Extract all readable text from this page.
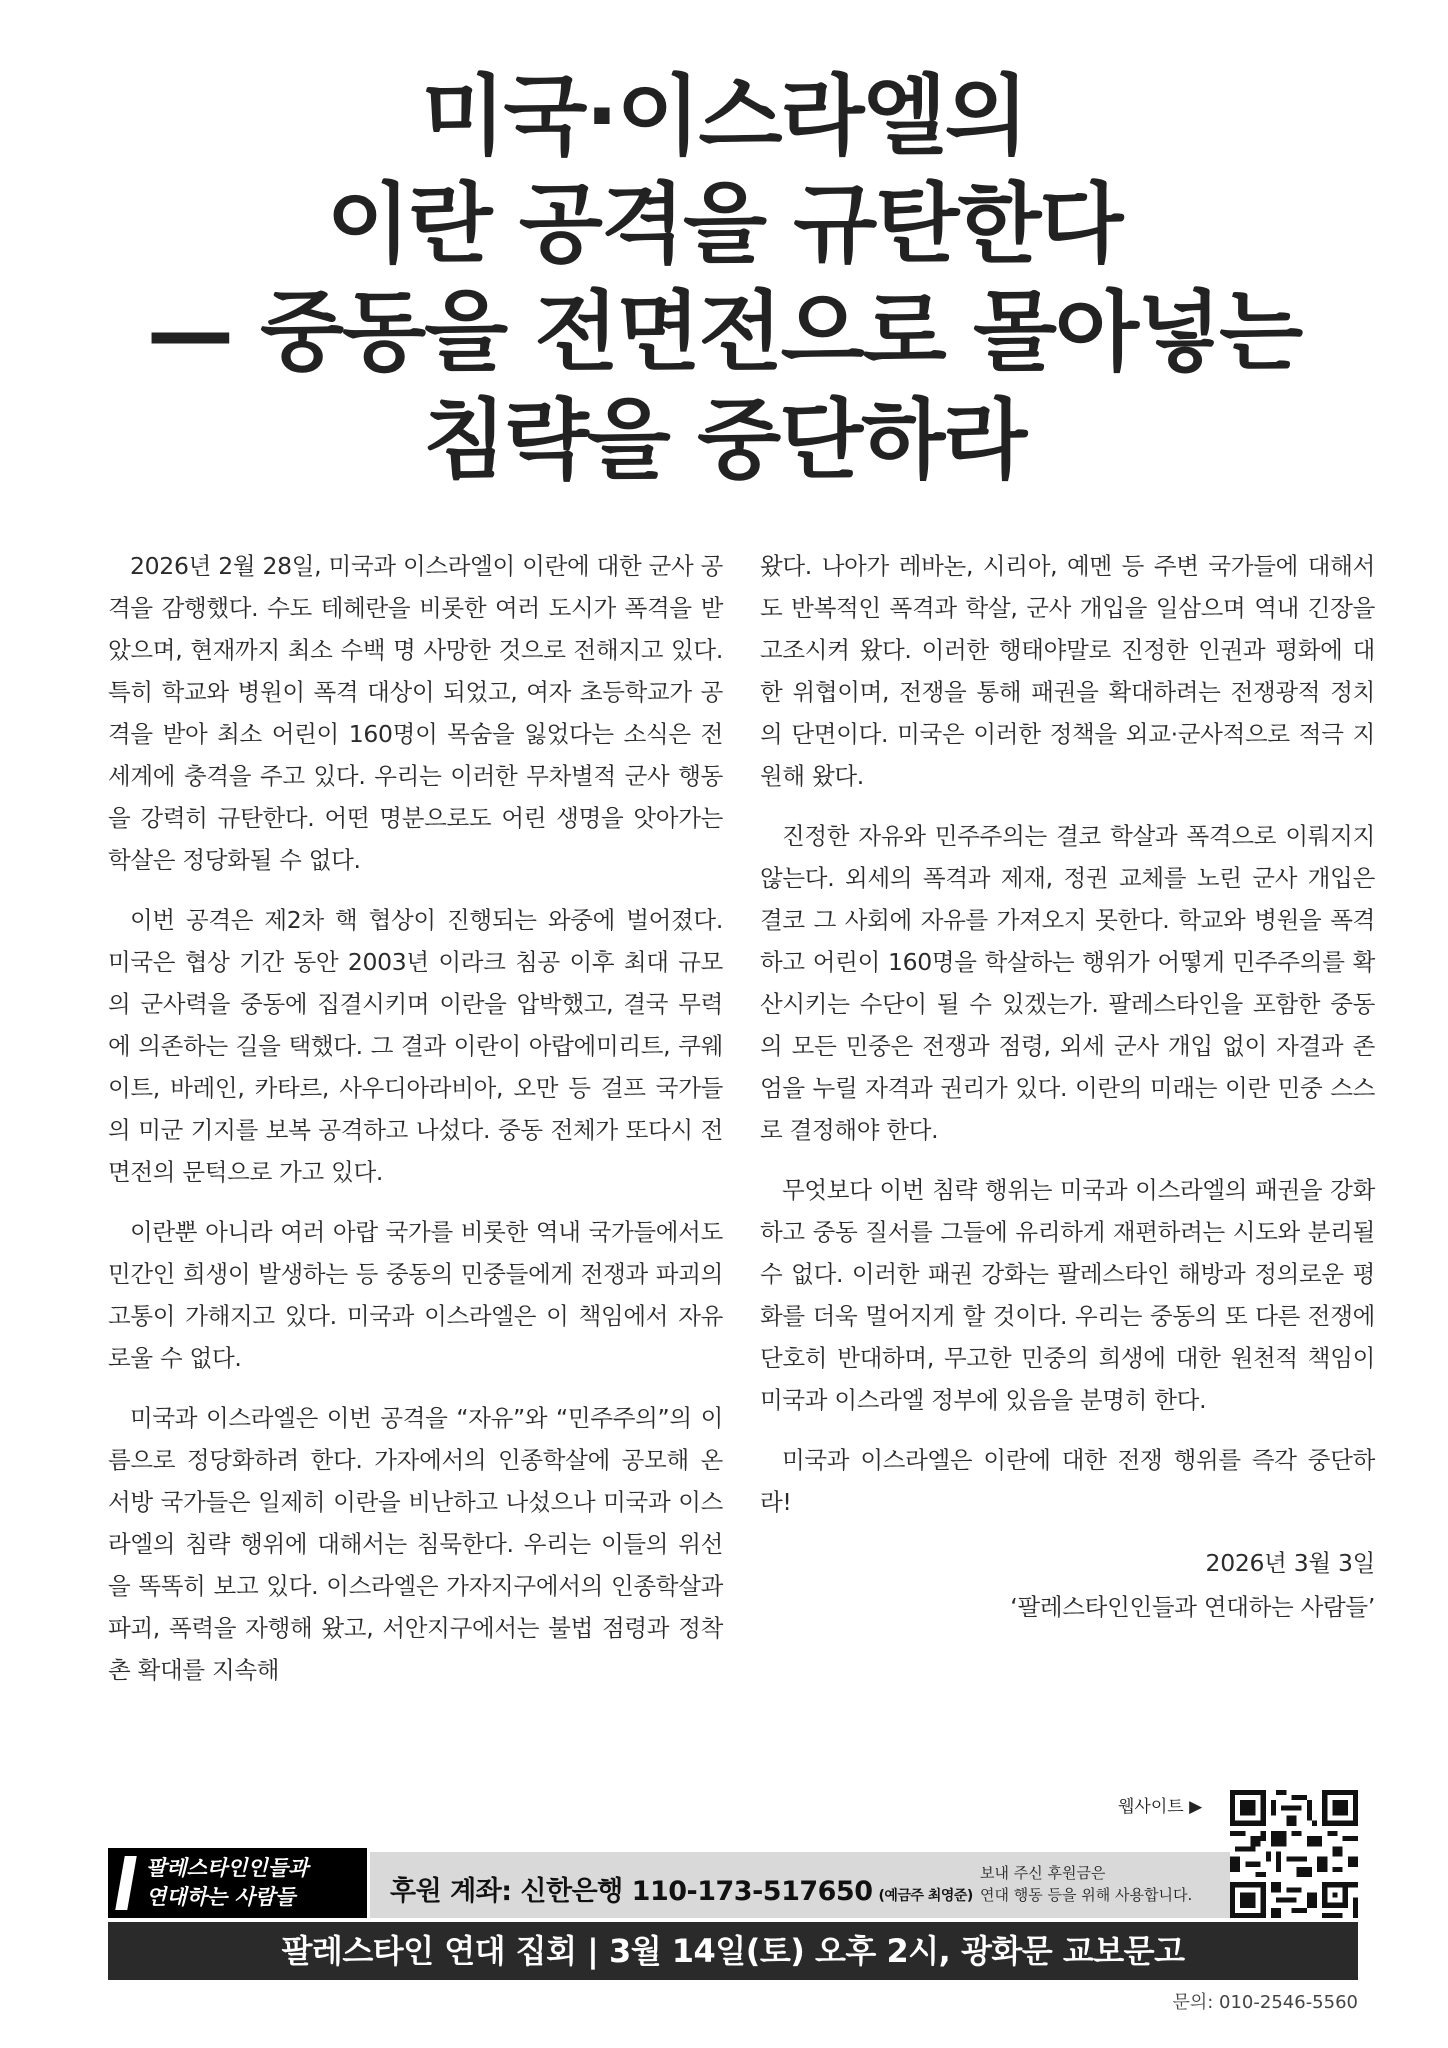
미국·이스라엘의
이란 공격을 규탄한다
— 중동을 전면전으로 몰아넣는
침략을 중단하라

2026년 2월 28일, 미국과 이스라엘이 이란에 대한 군사 공격을 감행했다. 수도 테헤란을 비롯한 여러 도시가 폭격을 받았으며, 현재까지 최소 수백 명 사망한 것으로 전해지고 있다. 특히 학교와 병원이 폭격 대상이 되었고, 여자 초등학교가 공격을 받아 최소 어린이 160명이 목숨을 잃었다는 소식은 전 세계에 충격을 주고 있다. 우리는 이러한 무차별적 군사 행동을 강력히 규탄한다. 어떤 명분으로도 어린 생명을 앗아가는 학살은 정당화될 수 없다.

이번 공격은 제2차 핵 협상이 진행되는 와중에 벌어졌다. 미국은 협상 기간 동안 2003년 이라크 침공 이후 최대 규모의 군사력을 중동에 집결시키며 이란을 압박했고, 결국 무력에 의존하는 길을 택했다. 그 결과 이란이 아랍에미리트, 쿠웨이트, 바레인, 카타르, 사우디아라비아, 오만 등 걸프 국가들의 미군 기지를 보복 공격하고 나섰다. 중동 전체가 또다시 전면전의 문턱으로 가고 있다.

이란뿐 아니라 여러 아랍 국가를 비롯한 역내 국가들에서도 민간인 희생이 발생하는 등 중동의 민중들에게 전쟁과 파괴의 고통이 가해지고 있다. 미국과 이스라엘은 이 책임에서 자유로울 수 없다.

미국과 이스라엘은 이번 공격을 “자유”와 “민주주의”의 이름으로 정당화하려 한다. 가자에서의 인종학살에 공모해 온 서방 국가들은 일제히 이란을 비난하고 나섰으나 미국과 이스라엘의 침략 행위에 대해서는 침묵한다. 우리는 이들의 위선을 똑똑히 보고 있다. 이스라엘은 가자지구에서의 인종학살과 파괴, 폭력을 자행해 왔고, 서안지구에서는 불법 점령과 정착촌 확대를 지속해

왔다. 나아가 레바논, 시리아, 예멘 등 주변 국가들에 대해서도 반복적인 폭격과 학살, 군사 개입을 일삼으며 역내 긴장을 고조시켜 왔다. 이러한 행태야말로 진정한 인권과 평화에 대한 위협이며, 전쟁을 통해 패권을 확대하려는 전쟁광적 정치의 단면이다. 미국은 이러한 정책을 외교·군사적으로 적극 지원해 왔다.

진정한 자유와 민주주의는 결코 학살과 폭격으로 이뤄지지 않는다. 외세의 폭격과 제재, 정권 교체를 노린 군사 개입은 결코 그 사회에 자유를 가져오지 못한다. 학교와 병원을 폭격하고 어린이 160명을 학살하는 행위가 어떻게 민주주의를 확산시키는 수단이 될 수 있겠는가. 팔레스타인을 포함한 중동의 모든 민중은 전쟁과 점령, 외세 군사 개입 없이 자결과 존엄을 누릴 자격과 권리가 있다. 이란의 미래는 이란 민중 스스로 결정해야 한다.

무엇보다 이번 침략 행위는 미국과 이스라엘의 패권을 강화하고 중동 질서를 그들에 유리하게 재편하려는 시도와 분리될 수 없다. 이러한 패권 강화는 팔레스타인 해방과 정의로운 평화를 더욱 멀어지게 할 것이다. 우리는 중동의 또 다른 전쟁에 단호히 반대하며, 무고한 민중의 희생에 대한 원천적 책임이 미국과 이스라엘 정부에 있음을 분명히 한다.

미국과 이스라엘은 이란에 대한 전쟁 행위를 즉각 중단하라!

2026년 3월 3일
‘팔레스타인인들과 연대하는 사람들’
웹사이트 ▶
팔레스타인인들과
연대하는 사람들	후원 계좌: 신한은행 110-173-517650 (예금주 최영준)
보내 주신 후원금은
연대 행동 등을 위해 사용합니다.
팔레스타인 연대 집회 | 3월 14일(토) 오후 2시, 광화문 교보문고
문의: 010-2546-5560
